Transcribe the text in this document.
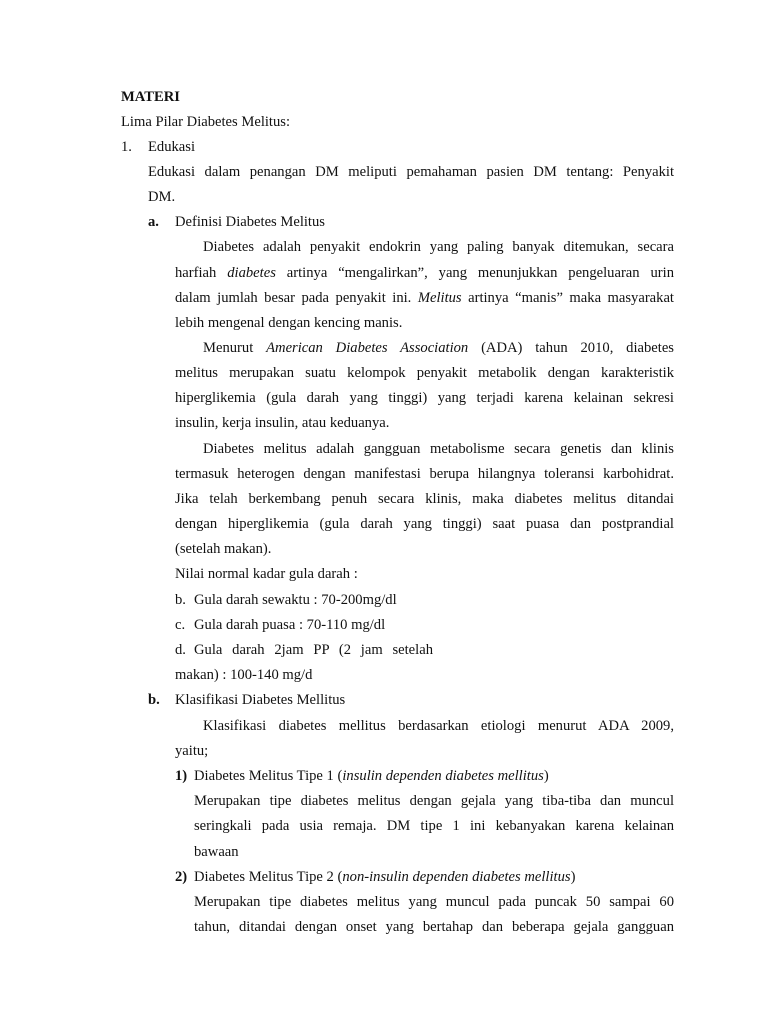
MATERI
Lima Pilar Diabetes Melitus:
1. Edukasi
Edukasi dalam penangan DM meliputi pemahaman pasien DM tentang: Penyakit
DM.
a. Definisi Diabetes Melitus
Diabetes adalah penyakit endokrin yang paling banyak ditemukan, secara
harfiah diabetes artinya “mengalirkan”, yang menunjukkan pengeluaran urin
dalam jumlah besar pada penyakit ini. Melitus artinya “manis” maka masyarakat
lebih mengenal dengan kencing manis.
Menurut American Diabetes Association (ADA) tahun 2010, diabetes
melitus merupakan suatu kelompok penyakit metabolik dengan karakteristik
hiperglikemia (gula darah yang tinggi) yang terjadi karena kelainan sekresi
insulin, kerja insulin, atau keduanya.
Diabetes melitus adalah gangguan metabolisme secara genetis dan klinis
termasuk heterogen dengan manifestasi berupa hilangnya toleransi karbohidrat.
Jika telah berkembang penuh secara klinis, maka diabetes melitus ditandai
dengan hiperglikemia (gula darah yang tinggi) saat puasa dan postprandial
(setelah makan).
Nilai normal kadar gula darah :
b. Gula darah sewaktu : 70-200mg/dl
c. Gula darah puasa : 70-110 mg/dl
d. Gula darah 2jam PP (2 jam setelah
makan) : 100-140 mg/d
b. Klasifikasi Diabetes Mellitus
Klasifikasi diabetes mellitus berdasarkan etiologi menurut ADA 2009,
yaitu;
1) Diabetes Melitus Tipe 1 (insulin dependen diabetes mellitus)
Merupakan tipe diabetes melitus dengan gejala yang tiba-tiba dan muncul
seringkali pada usia remaja. DM tipe 1 ini kebanyakan karena kelainan
bawaan
2) Diabetes Melitus Tipe 2 (non-insulin dependen diabetes mellitus)
Merupakan tipe diabetes melitus yang muncul pada puncak 50 sampai 60
tahun, ditandai dengan onset yang bertahap dan beberapa gejala gangguan
